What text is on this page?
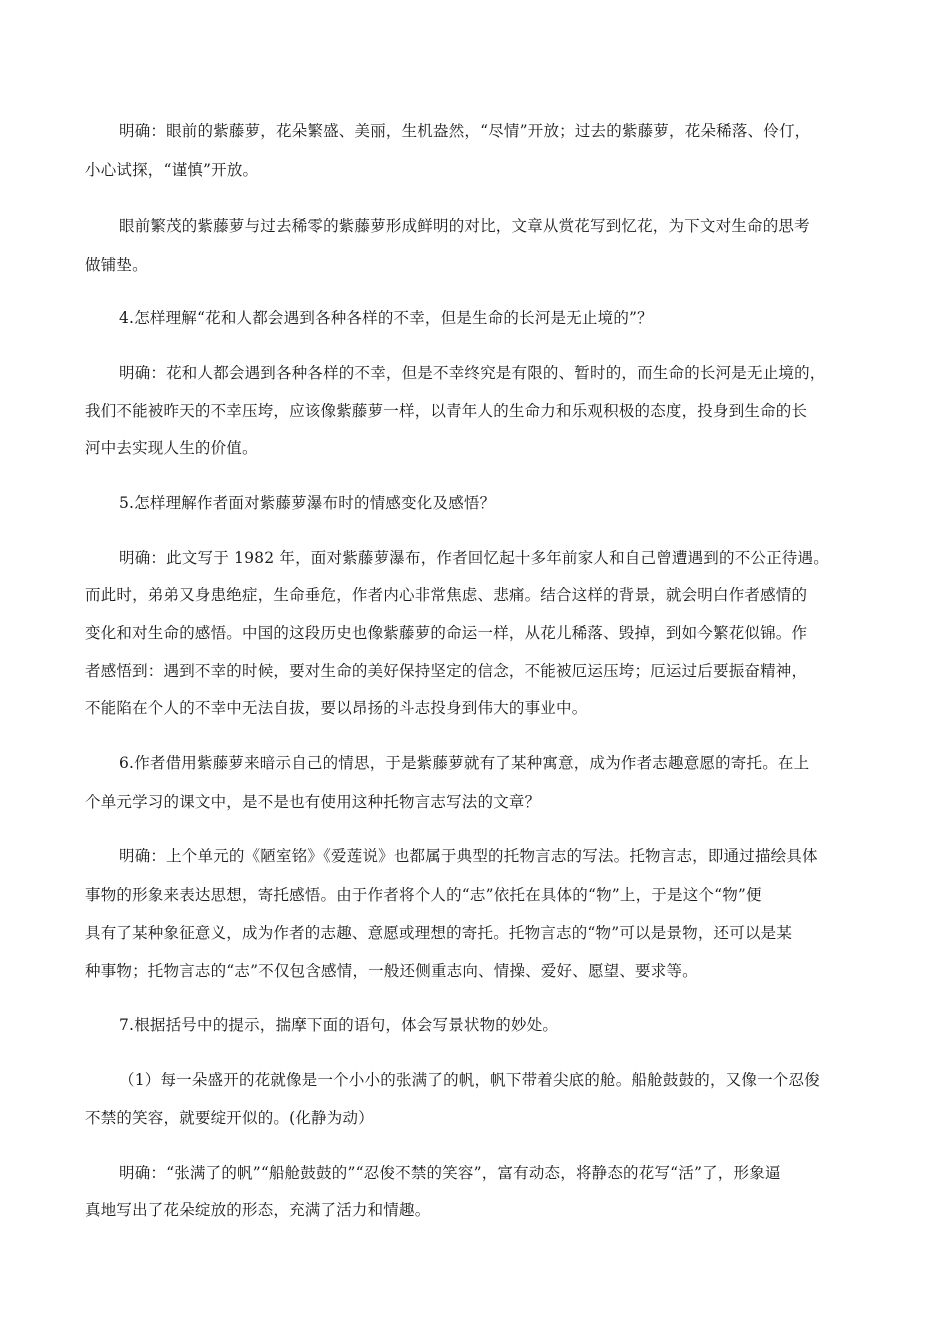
明确：眼前的紫藤萝，花朵繁盛、美丽，生机盎然，“尽情”开放；过去的紫藤萝，花朵稀落、伶仃，
小心试探，“谨慎”开放。
眼前繁茂的紫藤萝与过去稀零的紫藤萝形成鲜明的对比，文章从赏花写到忆花，为下文对生命的思考
做铺垫。
4.怎样理解“花和人都会遇到各种各样的不幸，但是生命的长河是无止境的”？
明确：花和人都会遇到各种各样的不幸，但是不幸终究是有限的、暂时的，而生命的长河是无止境的，
我们不能被昨天的不幸压垮，应该像紫藤萝一样，以青年人的生命力和乐观积极的态度，投身到生命的长
河中去实现人生的价值。
5.怎样理解作者面对紫藤萝瀑布时的情感变化及感悟？
明确：此文写于 1982 年，面对紫藤萝瀑布，作者回忆起十多年前家人和自己曾遭遇到的不公正待遇。
而此时，弟弟又身患绝症，生命垂危，作者内心非常焦虑、悲痛。结合这样的背景，就会明白作者感情的
变化和对生命的感悟。中国的这段历史也像紫藤萝的命运一样，从花儿稀落、毁掉，到如今繁花似锦。作
者感悟到：遇到不幸的时候，要对生命的美好保持坚定的信念，不能被厄运压垮；厄运过后要振奋精神，
不能陷在个人的不幸中无法自拔，要以昂扬的斗志投身到伟大的事业中。
6.作者借用紫藤萝来暗示自己的情思，于是紫藤萝就有了某种寓意，成为作者志趣意愿的寄托。在上
个单元学习的课文中，是不是也有使用这种托物言志写法的文章？
明确：上个单元的《陋室铭》《爱莲说》也都属于典型的托物言志的写法。托物言志，即通过描绘具体
事物的形象来表达思想，寄托感悟。由于作者将个人的“志”依托在具体的“物”上，于是这个“物”便
具有了某种象征意义，成为作者的志趣、意愿或理想的寄托。托物言志的“物”可以是景物，还可以是某
种事物；托物言志的“志”不仅包含感情，一般还侧重志向、情操、爱好、愿望、要求等。
7.根据括号中的提示，揣摩下面的语句，体会写景状物的妙处。
（1）每一朵盛开的花就像是一个小小的张满了的帆，帆下带着尖底的舱。船舱鼓鼓的，又像一个忍俊
不禁的笑容，就要绽开似的。(化静为动）
明确：“张满了的帆”“船舱鼓鼓的”“忍俊不禁的笑容”，富有动态，将静态的花写“活”了，形象逼
真地写出了花朵绽放的形态，充满了活力和情趣。
